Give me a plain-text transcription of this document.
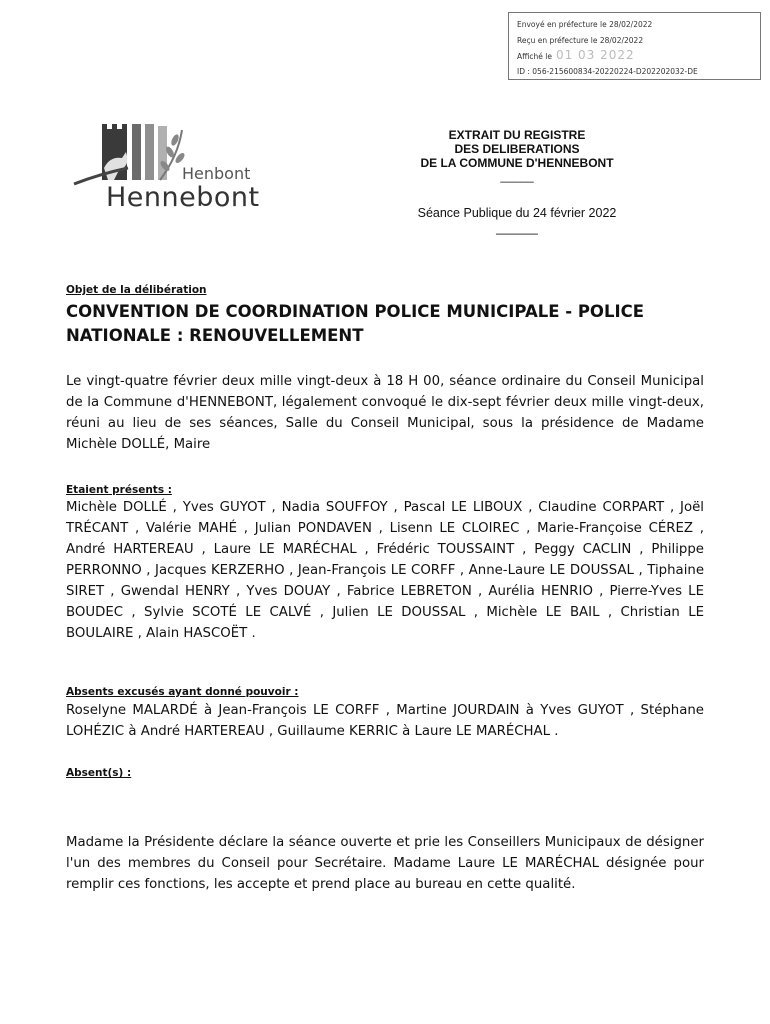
Envoyé en préfecture le 28/02/2022
Reçu en préfecture le 28/02/2022
Affiché le 01 03 2022
ID : 056-215600834-20220224-D202202032-DE
Henbont
Hennebont
EXTRAIT DU REGISTRE
DES DELIBERATIONS
DE LA COMMUNE D'HENNEBONT
_____
Séance Publique du 24 février 2022
______
Objet de la délibération
CONVENTION DE COORDINATION POLICE MUNICIPALE - POLICE NATIONALE : RENOUVELLEMENT
Le vingt-quatre février deux mille vingt-deux à 18 H 00, séance ordinaire du Conseil Municipal de la Commune d'HENNEBONT, légalement convoqué le dix-sept février deux mille vingt-deux, réuni au lieu de ses séances, Salle du Conseil Municipal, sous la présidence de Madame Michèle DOLLÉ, Maire
Etaient présents :
Michèle DOLLÉ , Yves GUYOT , Nadia SOUFFOY , Pascal LE LIBOUX , Claudine CORPART , Joël TRÉCANT , Valérie MAHÉ , Julian PONDAVEN , Lisenn LE CLOIREC , Marie-Françoise CÉREZ , André HARTEREAU , Laure LE MARÉCHAL , Frédéric TOUSSAINT , Peggy CACLIN , Philippe PERRONNO , Jacques KERZERHO , Jean-François LE CORFF , Anne-Laure LE DOUSSAL , Tiphaine SIRET , Gwendal HENRY , Yves DOUAY , Fabrice LEBRETON , Aurélia HENRIO , Pierre-Yves LE BOUDEC , Sylvie SCOTÉ LE CALVÉ , Julien LE DOUSSAL , Michèle LE BAIL , Christian LE BOULAIRE , Alain HASCOËT .
Absents excusés ayant donné pouvoir :
Roselyne MALARDÉ à Jean-François LE CORFF , Martine JOURDAIN à Yves GUYOT , Stéphane LOHÉZIC à André HARTEREAU , Guillaume KERRIC à Laure LE MARÉCHAL .
Absent(s) :
Madame la Présidente déclare la séance ouverte et prie les Conseillers Municipaux de désigner l'un des membres du Conseil pour Secrétaire. Madame Laure LE MARÉCHAL désignée pour remplir ces fonctions, les accepte et prend place au bureau en cette qualité.
